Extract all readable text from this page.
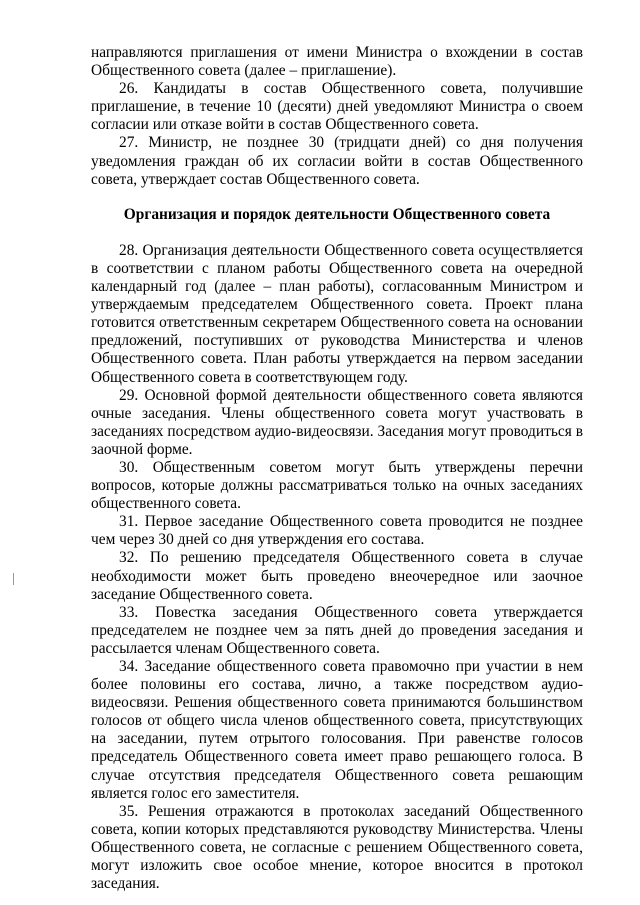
направляются приглашения от имени Министра о вхождении в состав Общественного совета (далее – приглашение).

26. Кандидаты в состав Общественного совета, получившие приглашение, в течение 10 (десяти) дней уведомляют Министра о своем согласии или отказе войти в состав Общественного совета.

27. Министр, не позднее 30 (тридцати дней) со дня получения уведомления граждан об их согласии войти в состав Общественного совета, утверждает состав Общественного совета.

Организация и порядок деятельности Общественного совета

28. Организация деятельности Общественного совета осуществляется в соответствии с планом работы Общественного совета на очередной календарный год (далее – план работы), согласованным Министром и утверждаемым председателем Общественного совета. Проект плана готовится ответственным секретарем Общественного совета на основании предложений, поступивших от руководства Министерства и членов Общественного совета. План работы утверждается на первом заседании Общественного совета в соответствующем году.

29. Основной формой деятельности общественного совета являются очные заседания. Члены общественного совета могут участвовать в заседаниях посредством аудио-видеосвязи. Заседания могут проводиться в заочной форме.

30. Общественным советом могут быть утверждены перечни вопросов, которые должны рассматриваться только на очных заседаниях общественного совета.

31. Первое заседание Общественного совета проводится не позднее чем через 30 дней со дня утверждения его состава.

32. По решению председателя Общественного совета в случае необходимости может быть проведено внеочередное или заочное заседание Общественного совета.

33. Повестка заседания Общественного совета утверждается председателем не позднее чем за пять дней до проведения заседания и рассылается членам Общественного совета.

34. Заседание общественного совета правомочно при участии в нем более половины его состава, лично, а также посредством аудио- видеосвязи. Решения общественного совета принимаются большинством голосов от общего числа членов общественного совета, присутствующих на заседании, путем отрытого голосования. При равенстве голосов председатель Общественного совета имеет право решающего голоса. В случае отсутствия председателя Общественного совета решающим является голос его заместителя.

35. Решения отражаются в протоколах заседаний Общественного совета, копии которых представляются руководству Министерства. Члены Общественного совета, не согласные с решением Общественного совета, могут изложить свое особое мнение, которое вносится в протокол заседания.
